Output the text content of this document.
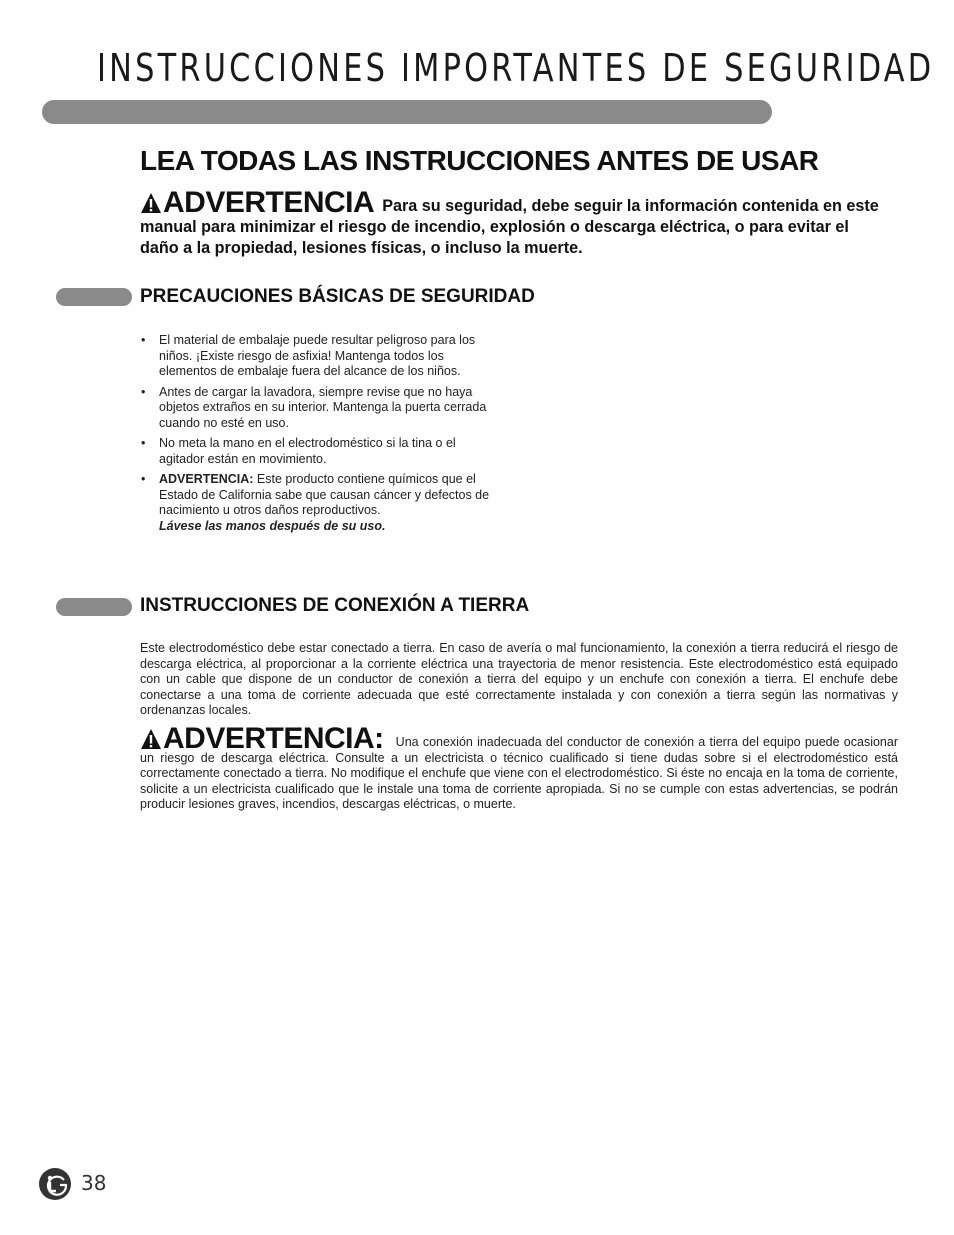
INSTRUCCIONES IMPORTANTES DE SEGURIDAD
LEA TODAS LAS INSTRUCCIONES ANTES DE USAR
ADVERTENCIA Para su seguridad, debe seguir la información contenida en este manual para minimizar el riesgo de incendio, explosión o descarga eléctrica, o para evitar el daño a la propiedad, lesiones físicas, o incluso la muerte.
PRECAUCIONES BÁSICAS DE SEGURIDAD
• El material de embalaje puede resultar peligroso para los niños. ¡Existe riesgo de asfixia! Mantenga todos los elementos de embalaje fuera del alcance de los niños.
• Antes de cargar la lavadora, siempre revise que no haya objetos extraños en su interior. Mantenga la puerta cerrada cuando no esté en uso.
• No meta la mano en el electrodoméstico si la tina o el agitador están en movimiento.
• ADVERTENCIA: Este producto contiene químicos que el Estado de California sabe que causan cáncer y defectos de nacimiento u otros daños reproductivos.
Lávese las manos después de su uso.
INSTRUCCIONES DE CONEXIÓN A TIERRA

Este electrodoméstico debe estar conectado a tierra. En caso de avería o mal funcionamiento, la conexión a tierra reducirá el riesgo de descarga eléctrica, al proporcionar a la corriente eléctrica una trayectoria de menor resistencia. Este electrodoméstico está equipado con un cable que dispone de un conductor de conexión a tierra del equipo y un enchufe con conexión a tierra. El enchufe debe conectarse a una toma de corriente adecuada que esté correctamente instalada y con conexión a tierra según las normativas y ordenanzas locales.

ADVERTENCIA: Una conexión inadecuada del conductor de conexión a tierra del equipo puede ocasionar un riesgo de descarga eléctrica. Consulte a un electricista o técnico cualificado si tiene dudas sobre si el electrodoméstico está correctamente conectado a tierra. No modifique el enchufe que viene con el electrodoméstico. Si éste no encaja en la toma de corriente, solicite a un electricista cualificado que le instale una toma de corriente apropiada. Si no se cumple con estas advertencias, se podrán producir lesiones graves, incendios, descargas eléctricas, o muerte.

38
